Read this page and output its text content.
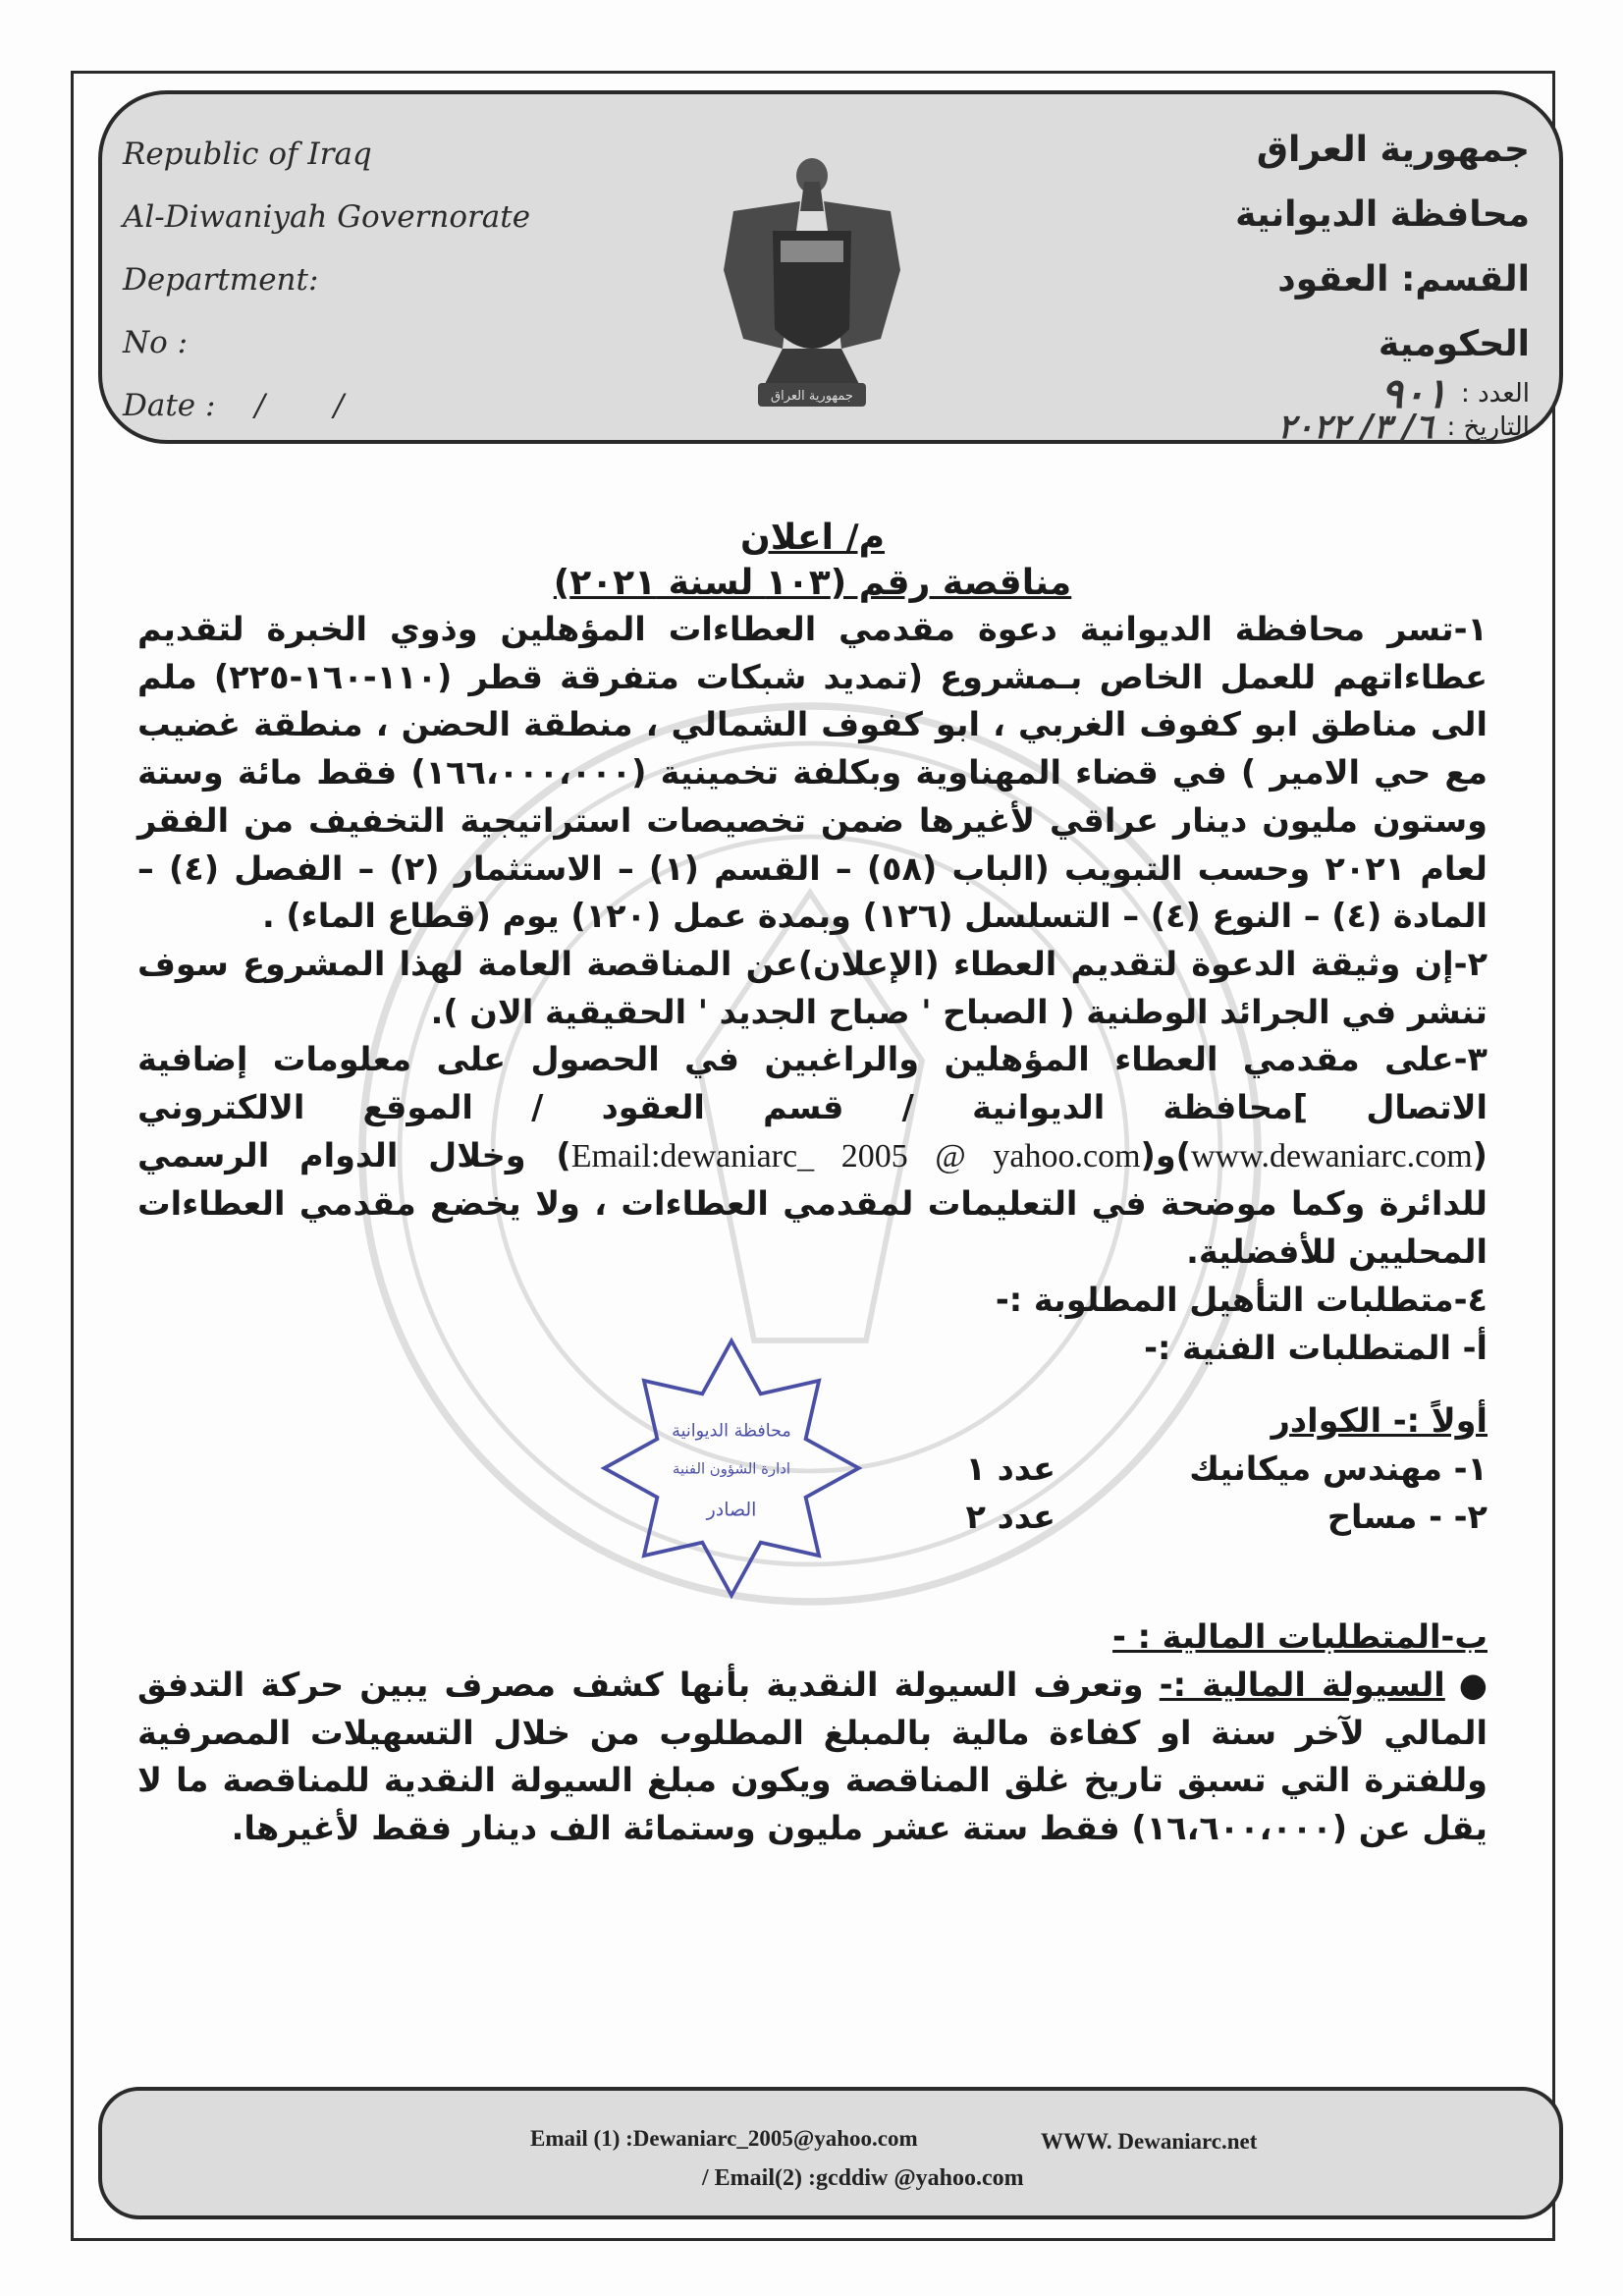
Republic of Iraq
Al-Diwaniyah Governorate
Department:
No :
Date : / /	جمهورية العراق
جمهورية العراق
محافظة الديوانية
القسم: العقود الحكومية
العدد :
٩٠١
التاريخ :
٦/ ٣/ ٢٠٢٢

م/ اعلان

مناقصة رقم (١٠٣ لسنة ٢٠٢١)

١-تسر محافظة الديوانية دعوة مقدمي العطاءات المؤهلين وذوي الخبرة لتقديم عطاءاتهم للعمل الخاص بـمشروع (تمديد شبكات متفرقة قطر (١١٠-١٦٠-٢٢٥) ملم الى مناطق ابو كفوف الغربي ، ابو كفوف الشمالي ، منطقة الحضن ، منطقة غضيب مع حي الامير ) في قضاء المهناوية وبكلفة تخمينية (١٦٦،٠٠٠،٠٠٠) فقط مائة وستة وستون مليون دينار عراقي لأغيرها ضمن تخصيصات استراتيجية التخفيف من الفقر لعام ٢٠٢١ وحسب التبويب (الباب (٥٨) – القسم (١) – الاستثمار (٢) – الفصل (٤) – المادة (٤) – النوع (٤) – التسلسل (١٢٦) وبمدة عمل (١٢٠) يوم (قطاع الماء) .

٢-إن وثيقة الدعوة لتقديم العطاء (الإعلان)عن المناقصة العامة لهذا المشروع سوف تنشر في الجرائد الوطنية ( الصباح ' صباح الجديد ' الحقيقية الان ).

٣-على مقدمي العطاء المؤهلين والراغبين في الحصول على معلومات إضافية الاتصال ]محافظة الديوانية / قسم العقود / الموقع الالكتروني (www.dewaniarc.com)و(Email:dewaniarc_ 2005 @ yahoo.com) وخلال الدوام الرسمي للدائرة وكما موضحة في التعليمات لمقدمي العطاءات ، ولا يخضع مقدمي العطاءات المحليين للأفضلية.

٤-متطلبات التأهيل المطلوبة :-

أ- المتطلبات الفنية :-

أولاً :- الكوادر

١- مهندس ميكانيك
عدد ١
٢- - مساح
عدد ٢

ب-المتطلبات المالية : -

●السيولة المالية :- وتعرف السيولة النقدية بأنها كشف مصرف يبين حركة التدفق المالي لآخر سنة او كفاءة مالية بالمبلغ المطلوب من خلال التسهيلات المصرفية وللفترة التي تسبق تاريخ غلق المناقصة ويكون مبلغ السيولة النقدية للمناقصة ما لا يقل عن (١٦،٦٠٠،٠٠٠) فقط ستة عشر مليون وستمائة الف دينار فقط لأغيرها.

محافظة الديوانية
ادارة الشؤون الفنية
الصادر
Email (1) :Dewaniarc_2005@yahoo.com	WWW. Dewaniarc.net
/ Email(2) :gcddiw @yahoo.com
